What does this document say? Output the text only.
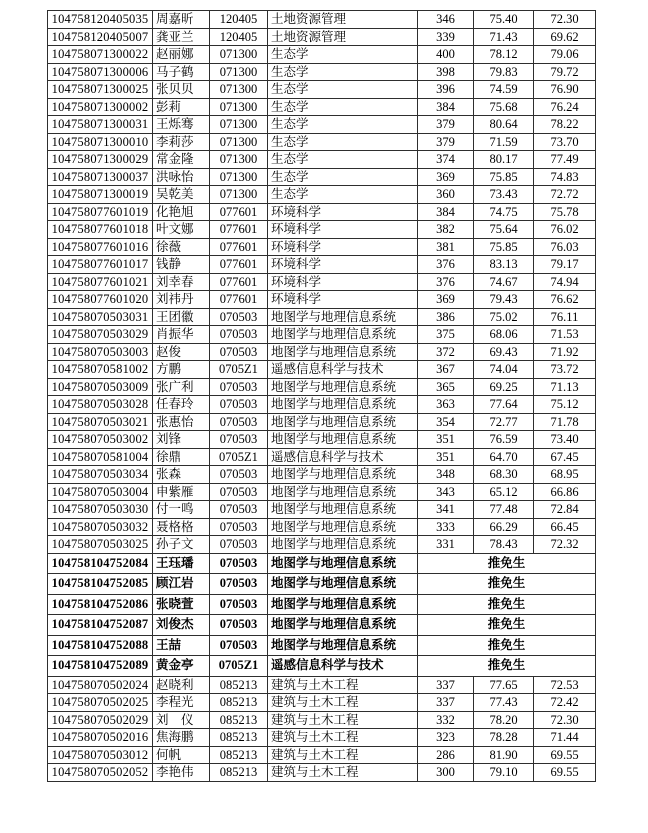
104758120405035	周嘉昕	120405	土地资源管理	346	75.40	72.30
104758120405007	龚亚兰	120405	土地资源管理	339	71.43	69.62
104758071300022	赵丽娜	071300	生态学	400	78.12	79.06
104758071300006	马子鹤	071300	生态学	398	79.83	79.72
104758071300025	张贝贝	071300	生态学	396	74.59	76.90
104758071300002	彭莉	071300	生态学	384	75.68	76.24
104758071300031	王烁骞	071300	生态学	379	80.64	78.22
104758071300010	李莉莎	071300	生态学	379	71.59	73.70
104758071300029	常金隆	071300	生态学	374	80.17	77.49
104758071300037	洪咏怡	071300	生态学	369	75.85	74.83
104758071300019	吴乾美	071300	生态学	360	73.43	72.72
104758077601019	化艳旭	077601	环境科学	384	74.75	75.78
104758077601018	叶文娜	077601	环境科学	382	75.64	76.02
104758077601016	徐薇	077601	环境科学	381	75.85	76.03
104758077601017	钱静	077601	环境科学	376	83.13	79.17
104758077601021	刘幸春	077601	环境科学	376	74.67	74.94
104758077601020	刘祎丹	077601	环境科学	369	79.43	76.62
104758070503031	王团徽	070503	地图学与地理信息系统	386	75.02	76.11
104758070503029	肖振华	070503	地图学与地理信息系统	375	68.06	71.53
104758070503003	赵俊	070503	地图学与地理信息系统	372	69.43	71.92
104758070581002	方鹏	0705Z1	遥感信息科学与技术	367	74.04	73.72
104758070503009	张广利	070503	地图学与地理信息系统	365	69.25	71.13
104758070503028	任春玲	070503	地图学与地理信息系统	363	77.64	75.12
104758070503021	张惠怡	070503	地图学与地理信息系统	354	72.77	71.78
104758070503002	刘锋	070503	地图学与地理信息系统	351	76.59	73.40
104758070581004	徐鼎	0705Z1	遥感信息科学与技术	351	64.70	67.45
104758070503034	张森	070503	地图学与地理信息系统	348	68.30	68.95
104758070503004	申紫雁	070503	地图学与地理信息系统	343	65.12	66.86
104758070503030	付一鸣	070503	地图学与地理信息系统	341	77.48	72.84
104758070503032	聂格格	070503	地图学与地理信息系统	333	66.29	66.45
104758070503025	孙子文	070503	地图学与地理信息系统	331	78.43	72.32
104758104752084	王珏璠	070503	地图学与地理信息系统	推免生		
104758104752085	顾江岩	070503	地图学与地理信息系统	推免生		
104758104752086	张晓萱	070503	地图学与地理信息系统	推免生		
104758104752087	刘俊杰	070503	地图学与地理信息系统	推免生		
104758104752088	王喆	070503	地图学与地理信息系统	推免生		
104758104752089	黄金亭	0705Z1	遥感信息科学与技术	推免生		
104758070502024	赵晓利	085213	建筑与土木工程	337	77.65	72.53
104758070502025	李程光	085213	建筑与土木工程	337	77.43	72.42
104758070502029	刘　仪	085213	建筑与土木工程	332	78.20	72.30
104758070502016	焦海鹏	085213	建筑与土木工程	323	78.28	71.44
104758070503012	何帆	085213	建筑与土木工程	286	81.90	69.55
104758070502052	李艳伟	085213	建筑与土木工程	300	79.10	69.55
